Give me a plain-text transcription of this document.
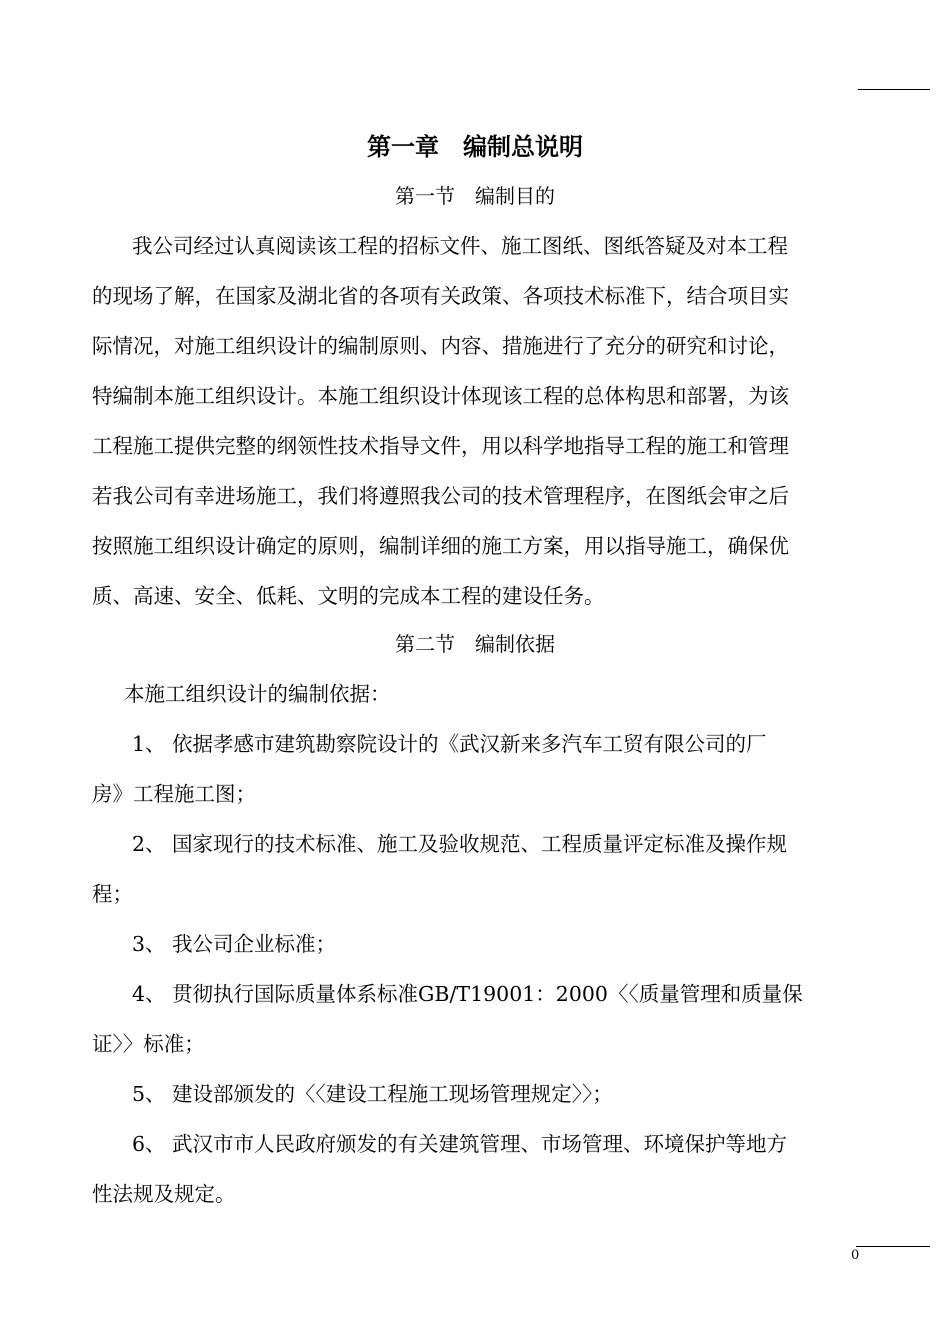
第一章　编制总说明
第一节　编制目的
我公司经过认真阅读该工程的招标文件、施工图纸、图纸答疑及对本工程
的现场了解，在国家及湖北省的各项有关政策、各项技术标准下，结合项目实
际情况，对施工组织设计的编制原则、内容、措施进行了充分的研究和讨论，
特编制本施工组织设计。本施工组织设计体现该工程的总体构思和部署，为该
工程施工提供完整的纲领性技术指导文件，用以科学地指导工程的施工和管理
若我公司有幸进场施工，我们将遵照我公司的技术管理程序，在图纸会审之后
按照施工组织设计确定的原则，编制详细的施工方案，用以指导施工，确保优
质、高速、安全、低耗、文明的完成本工程的建设任务。
第二节　编制依据
本施工组织设计的编制依据：
1、 依据孝感市建筑勘察院设计的《武汉新来多汽车工贸有限公司的厂
房》工程施工图；
2、 国家现行的技术标准、施工及验收规范、工程质量评定标准及操作规
程；
3、 我公司企业标准；
4、 贯彻执行国际质量体系标准GB/T19001：2000〈〈质量管理和质量保
证〉〉标准；
5、 建设部颁发的〈〈建设工程施工现场管理规定〉〉；
6、 武汉市市人民政府颁发的有关建筑管理、市场管理、环境保护等地方
性法规及规定。
0
